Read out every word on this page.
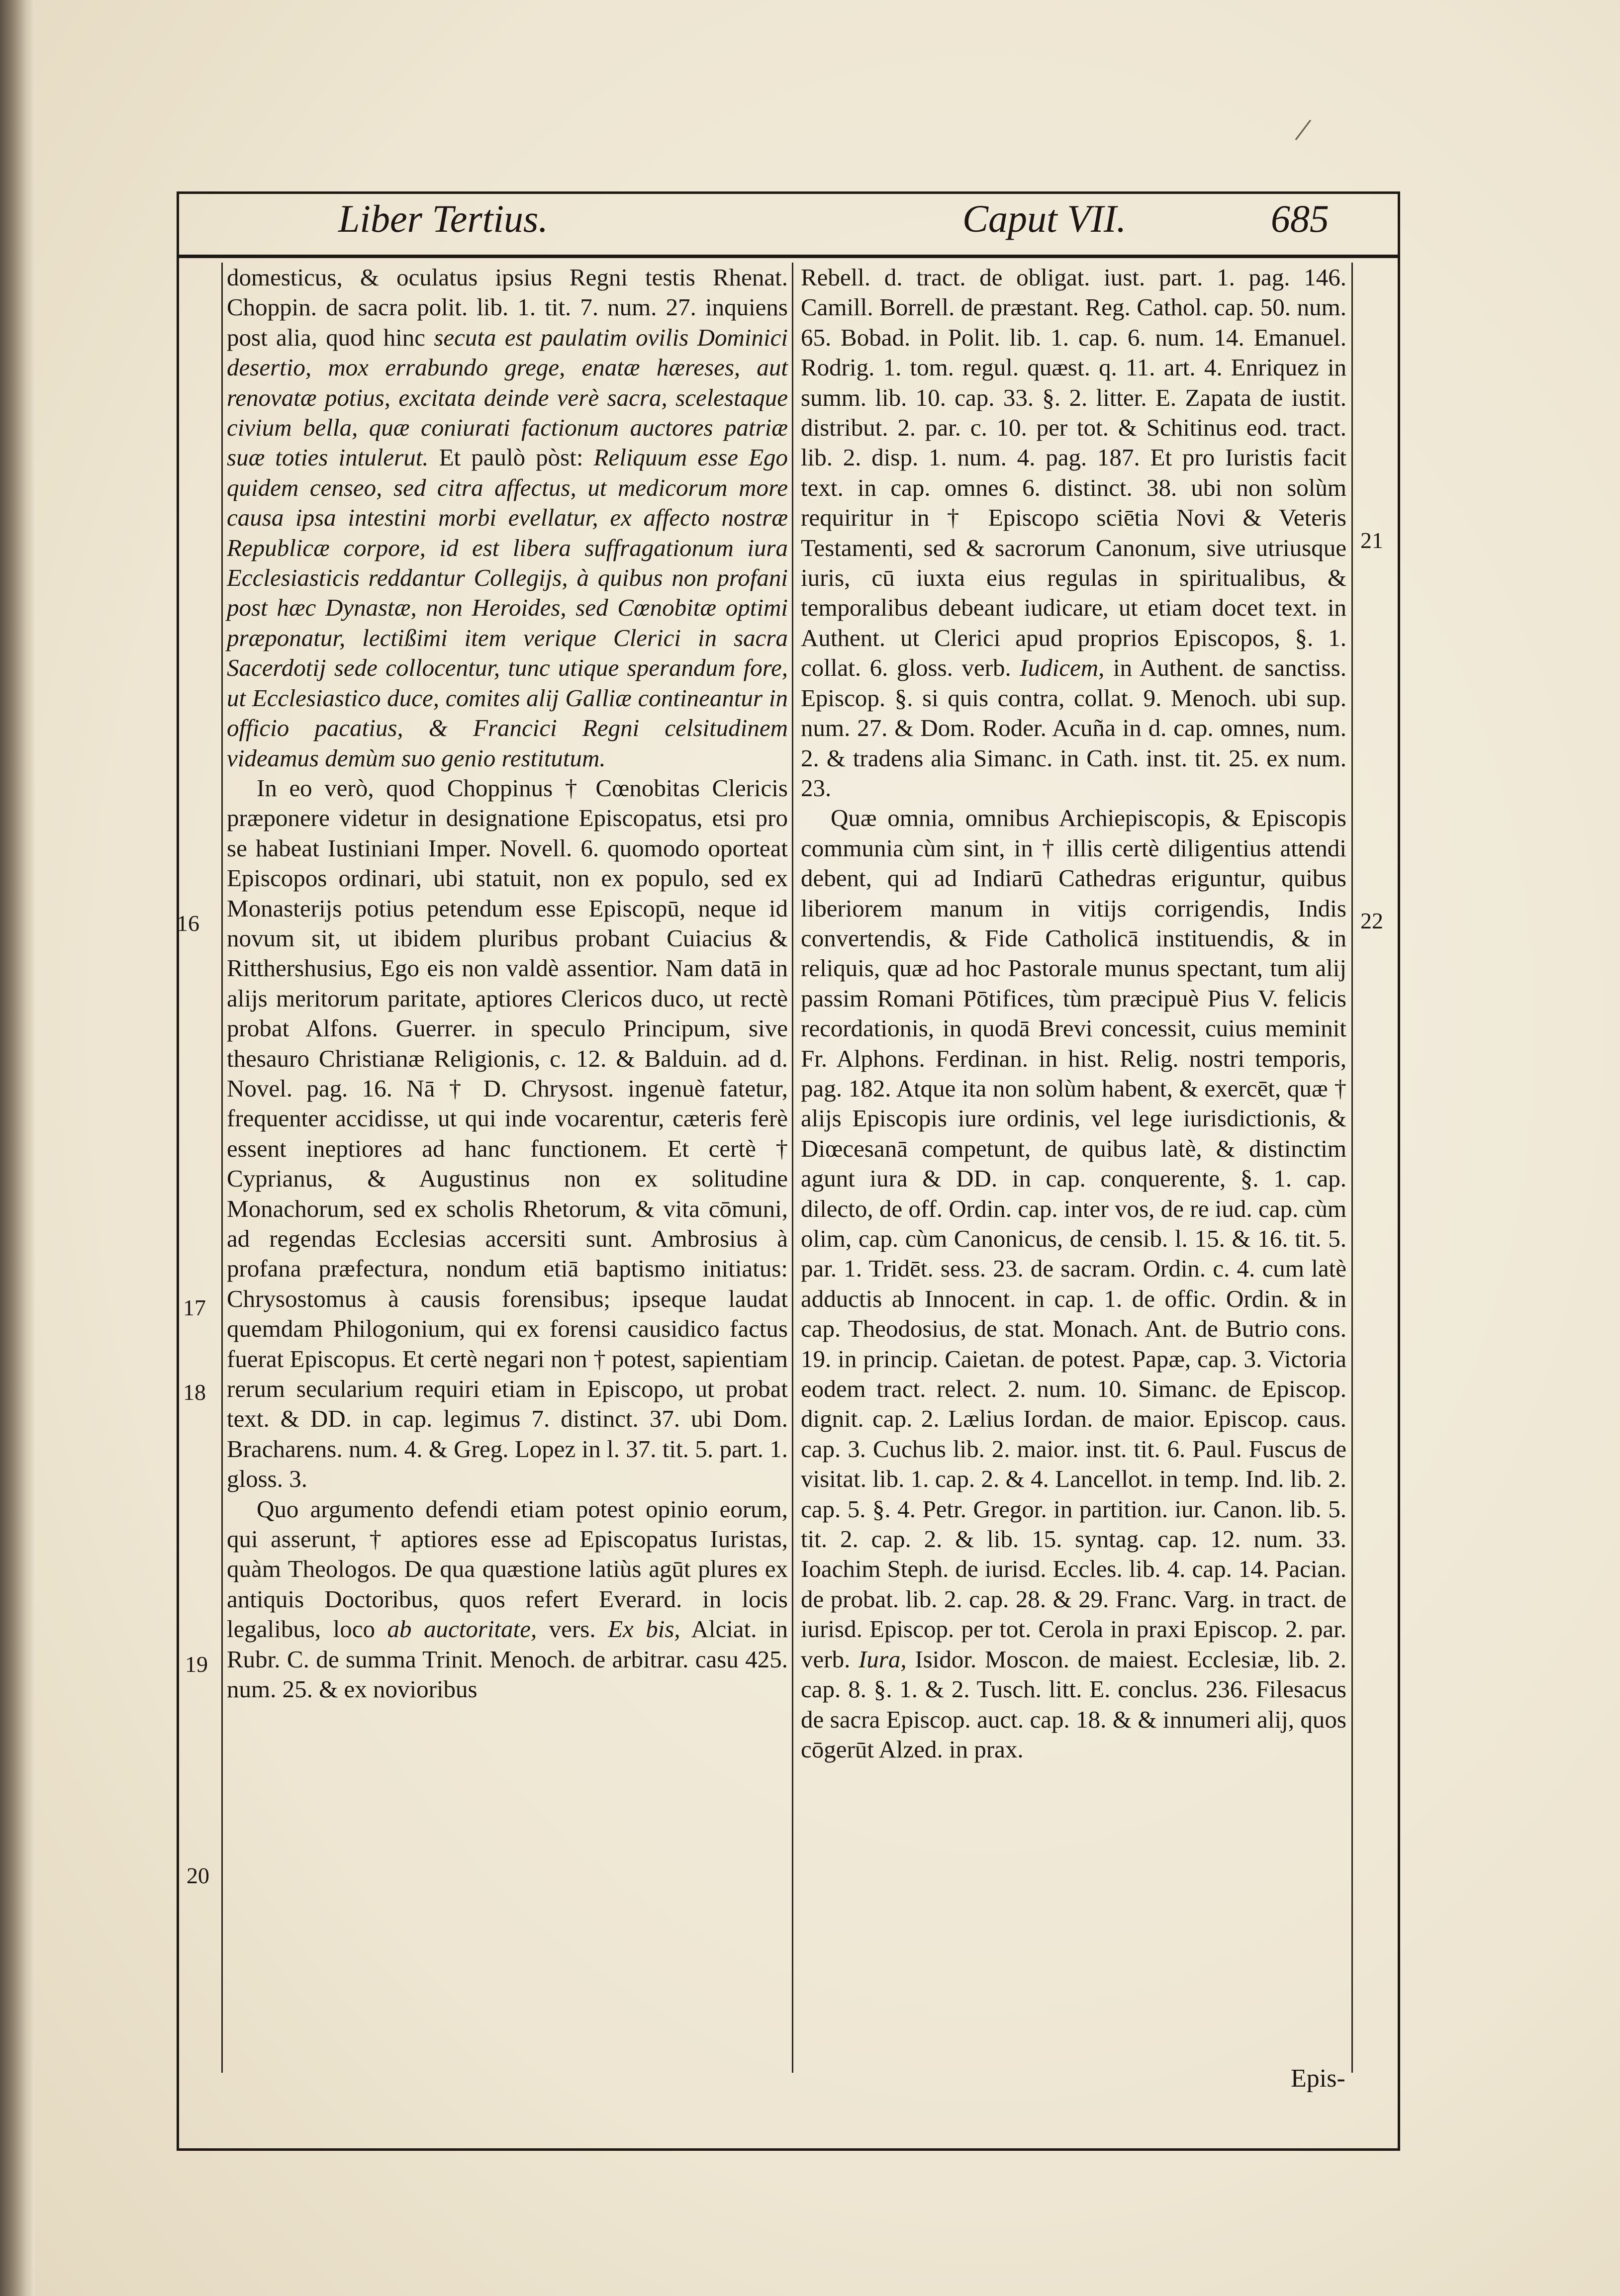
/
Liber Tertius.	Caput VII.	685

domesticus, & oculatus ipsius Regni testis Rhenat. Choppin. de sacra polit. lib. 1. tit. 7. num. 27. inquiens post alia, quod hinc secuta est paulatim ovilis Dominici desertio, mox errabundo grege, enatæ hæreses, aut renovatæ potius, excitata deinde verè sacra, scelestaque civium bella, quæ coniurati factionum auctores patriæ suæ toties intulerut. Et paulò pòst: Reliquum esse Ego quidem censeo, sed citra affectus, ut medicorum more causa ipsa intestini morbi evellatur, ex affecto nostræ Republicæ corpore, id est libera suffragationum iura Ecclesiasticis reddantur Collegijs, à quibus non profani post hæc Dynastæ, non Heroides, sed Cœnobitæ optimi præponatur, lectißimi item verique Clerici in sacra Sacerdotij sede collocentur, tunc utique sperandum fore, ut Ecclesiastico duce, comites alij Galliæ contineantur in officio pacatius, & Francici Regni celsitudinem videamus demùm suo genio restitutum.

In eo verò, quod Choppinus † Cœnobitas Clericis præponere videtur in designatione Episcopatus, etsi pro se habeat Iustiniani Imper. Novell. 6. quomodo oporteat Episcopos ordinari, ubi statuit, non ex populo, sed ex Monasterijs potius petendum esse Episcopū, neque id novum sit, ut ibidem pluribus probant Cuiacius & Ritthershusius, Ego eis non valdè assentior. Nam datā in alijs meritorum paritate, aptiores Clericos duco, ut rectè probat Alfons. Guerrer. in speculo Principum, sive thesauro Christianæ Religionis, c. 12. & Balduin. ad d. Novel. pag. 16. Nā † D. Chrysost. ingenuè fatetur, frequenter accidisse, ut qui inde vocarentur, cæteris ferè essent ineptiores ad hanc functionem. Et certè † Cyprianus, & Augustinus non ex solitudine Monachorum, sed ex scholis Rhetorum, & vita cōmuni, ad regendas Ecclesias accersiti sunt. Ambrosius à profana præfectura, nondum etiā baptismo initiatus: Chrysostomus à causis forensibus; ipseque laudat quemdam Philogonium, qui ex forensi causidico factus fuerat Episcopus. Et certè negari non † potest, sapientiam rerum secularium requiri etiam in Episcopo, ut probat text. & DD. in cap. legimus 7. distinct. 37. ubi Dom. Bracharens. num. 4. & Greg. Lopez in l. 37. tit. 5. part. 1. gloss. 3.

Quo argumento defendi etiam potest opinio eorum, qui asserunt, † aptiores esse ad Episcopatus Iuristas, quàm Theologos. De qua quæstione latiùs agūt plures ex antiquis Doctoribus, quos refert Everard. in locis legalibus, loco ab auctoritate, vers. Ex bis, Alciat. in Rubr. C. de summa Trinit. Menoch. de arbitrar. casu 425. num. 25. & ex novioribus

Rebell. d. tract. de obligat. iust. part. 1. pag. 146. Camill. Borrell. de præstant. Reg. Cathol. cap. 50. num. 65. Bobad. in Polit. lib. 1. cap. 6. num. 14. Emanuel. Rodrig. 1. tom. regul. quæst. q. 11. art. 4. Enriquez in summ. lib. 10. cap. 33. §. 2. litter. E. Zapata de iustit. distribut. 2. par. c. 10. per tot. & Schitinus eod. tract. lib. 2. disp. 1. num. 4. pag. 187. Et pro Iuristis facit text. in cap. omnes 6. distinct. 38. ubi non solùm requiritur in † Episcopo sciētia Novi & Veteris Testamenti, sed & sacrorum Canonum, sive utriusque iuris, cū iuxta eius regulas in spiritualibus, & temporalibus debeant iudicare, ut etiam docet text. in Authent. ut Clerici apud proprios Episcopos, §. 1. collat. 6. gloss. verb. Iudicem, in Authent. de sanctiss. Episcop. §. si quis contra, collat. 9. Menoch. ubi sup. num. 27. & Dom. Roder. Acuña in d. cap. omnes, num. 2. & tradens alia Simanc. in Cath. inst. tit. 25. ex num. 23.

Quæ omnia, omnibus Archiepiscopis, & Episcopis communia cùm sint, in † illis certè diligentius attendi debent, qui ad Indiarū Cathedras eriguntur, quibus liberiorem manum in vitijs corrigendis, Indis convertendis, & Fide Catholicā instituendis, & in reliquis, quæ ad hoc Pastorale munus spectant, tum alij passim Romani Pōtifices, tùm præcipuè Pius V. felicis recordationis, in quodā Brevi concessit, cuius meminit Fr. Alphons. Ferdinan. in hist. Relig. nostri temporis, pag. 182. Atque ita non solùm habent, & exercēt, quæ † alijs Episcopis iure ordinis, vel lege iurisdictionis, & Diœcesanā competunt, de quibus latè, & distinctim agunt iura & DD. in cap. conquerente, §. 1. cap. dilecto, de off. Ordin. cap. inter vos, de re iud. cap. cùm olim, cap. cùm Canonicus, de censib. l. 15. & 16. tit. 5. par. 1. Tridēt. sess. 23. de sacram. Ordin. c. 4. cum latè adductis ab Innocent. in cap. 1. de offic. Ordin. & in cap. Theodosius, de stat. Monach. Ant. de Butrio cons. 19. in princip. Caietan. de potest. Papæ, cap. 3. Victoria eodem tract. relect. 2. num. 10. Simanc. de Episcop. dignit. cap. 2. Lælius Iordan. de maior. Episcop. caus. cap. 3. Cuchus lib. 2. maior. inst. tit. 6. Paul. Fuscus de visitat. lib. 1. cap. 2. & 4. Lancellot. in temp. Ind. lib. 2. cap. 5. §. 4. Petr. Gregor. in partition. iur. Canon. lib. 5. tit. 2. cap. 2. & lib. 15. syntag. cap. 12. num. 33. Ioachim Steph. de iurisd. Eccles. lib. 4. cap. 14. Pacian. de probat. lib. 2. cap. 28. & 29. Franc. Varg. in tract. de iurisd. Episcop. per tot. Cerola in praxi Episcop. 2. par. verb. Iura, Isidor. Moscon. de maiest. Ecclesiæ, lib. 2. cap. 8. §. 1. & 2. Tusch. litt. E. conclus. 236. Filesacus de sacra Episcop. auct. cap. 18. & & innumeri alij, quos cōgerūt Alzed. in prax.

16
17
18
19
20
21
22
Epis-
